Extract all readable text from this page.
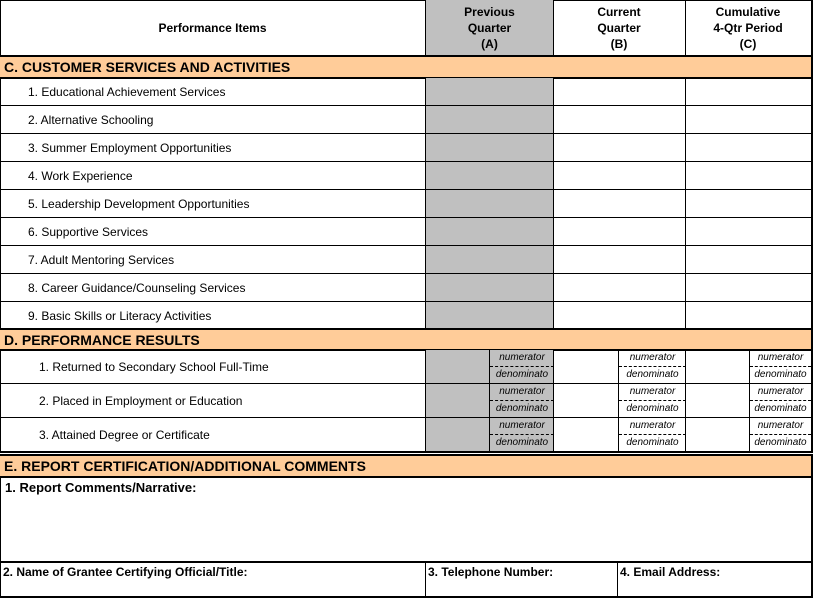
Performance Items
Previous
Quarter
(A)
Current
Quarter
(B)
Cumulative
4-Qtr Period
(C)
C. CUSTOMER SERVICES AND ACTIVITIES
1. Educational Achievement Services
2. Alternative Schooling
3. Summer Employment Opportunities
4. Work Experience
5. Leadership Development Opportunities
6. Supportive Services
7. Adult Mentoring Services
8. Career Guidance/Counseling Services
9. Basic Skills or Literacy Activities
D. PERFORMANCE RESULTS
1. Returned to Secondary School Full-Time
numerator
denominato
numerator
denominato
numerator
denominato
2. Placed in Employment or Education
numerator
denominato
numerator
denominato
numerator
denominato
3. Attained Degree or Certificate
numerator
denominato
numerator
denominato
numerator
denominato
E. REPORT CERTIFICATION/ADDITIONAL COMMENTS
1. Report Comments/Narrative:
2. Name of Grantee Certifying Official/Title:	3. Telephone Number:	4. Email Address:
